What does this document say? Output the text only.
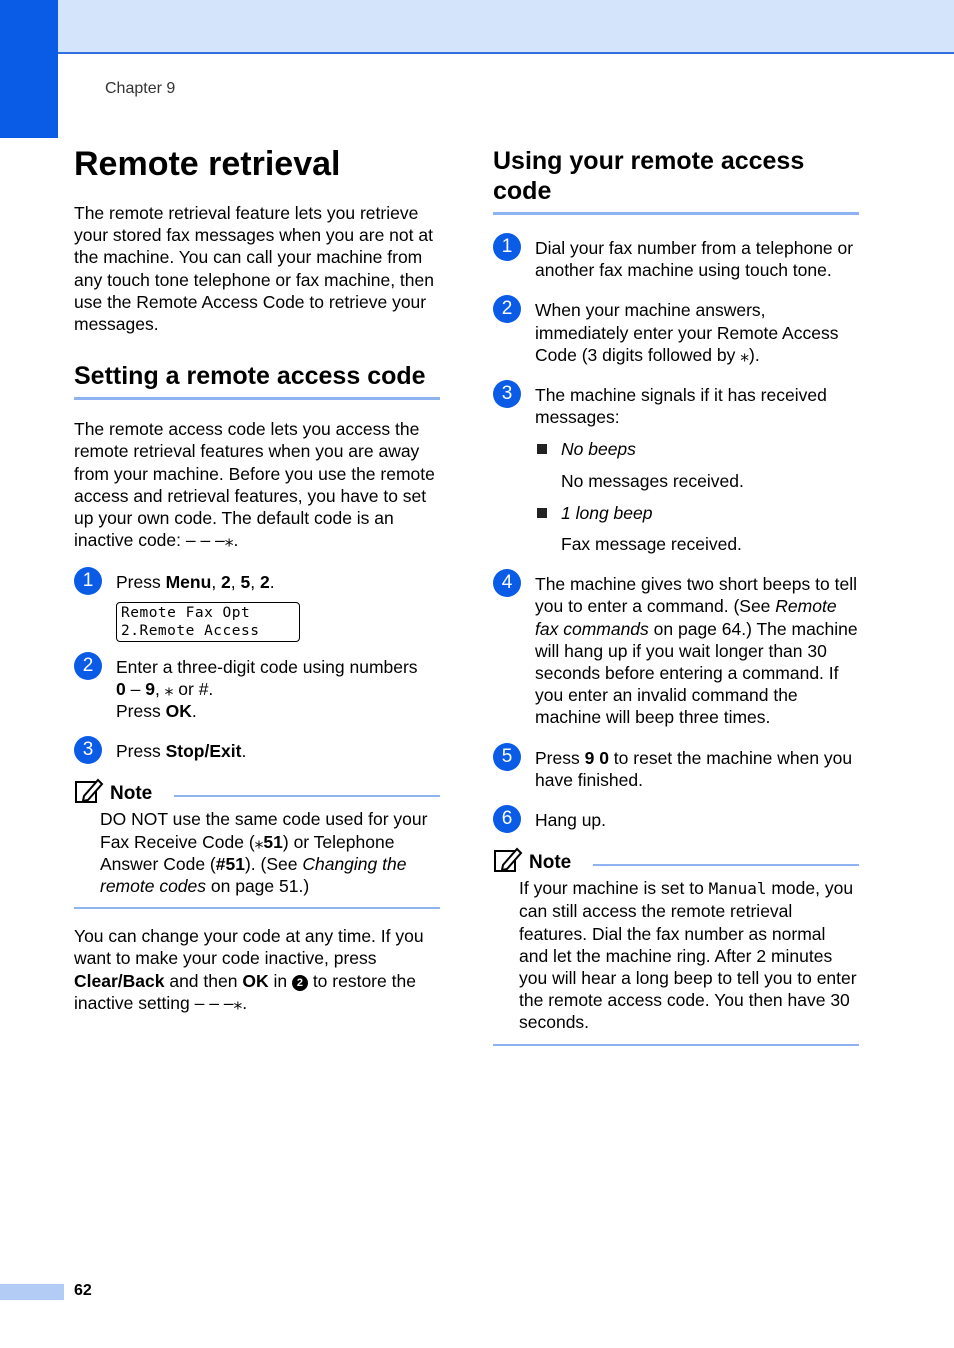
Chapter 9
Remote retrieval

The remote retrieval feature lets you retrieve your stored fax messages when you are not at the machine. You can call your machine from any touch tone telephone or fax machine, then use the Remote Access Code to retrieve your messages.

Setting a remote access code

The remote access code lets you access the remote retrieval features when you are away from your machine. Before you use the remote access and retrieval features, you have to set up your own code. The default code is an inactive code: – – –⁎.

1	Press Menu, 2, 5, 2.
Remote Fax Opt
2.Remote Access
2	Enter a three-digit code using numbers
0 – 9, ⁎ or #.
Press OK.
3	Press Stop/Exit.
Note
DO NOT use the same code used for your Fax Receive Code (⁎51) or Telephone Answer Code (#51). (See Changing the remote codes on page 51.)

You can change your code at any time. If you want to make your code inactive, press Clear/Back and then OK in 2 to restore the inactive setting – – –⁎.

Using your remote access code
1	Dial your fax number from a telephone or another fax machine using touch tone.
2	When your machine answers, immediately enter your Remote Access Code (3 digits followed by ⁎).
3	The machine signals if it has received messages:
No beeps
No messages received.
1 long beep
Fax message received.
4	The machine gives two short beeps to tell you to enter a command. (See Remote fax commands on page 64.) The machine will hang up if you wait longer than 30 seconds before entering a command. If you enter an invalid command the machine will beep three times.
5	Press 9 0 to reset the machine when you have finished.
6	Hang up.
Note
If your machine is set to Manual mode, you can still access the remote retrieval features. Dial the fax number as normal and let the machine ring. After 2 minutes you will hear a long beep to tell you to enter the remote access code. You then have 30 seconds.
62
